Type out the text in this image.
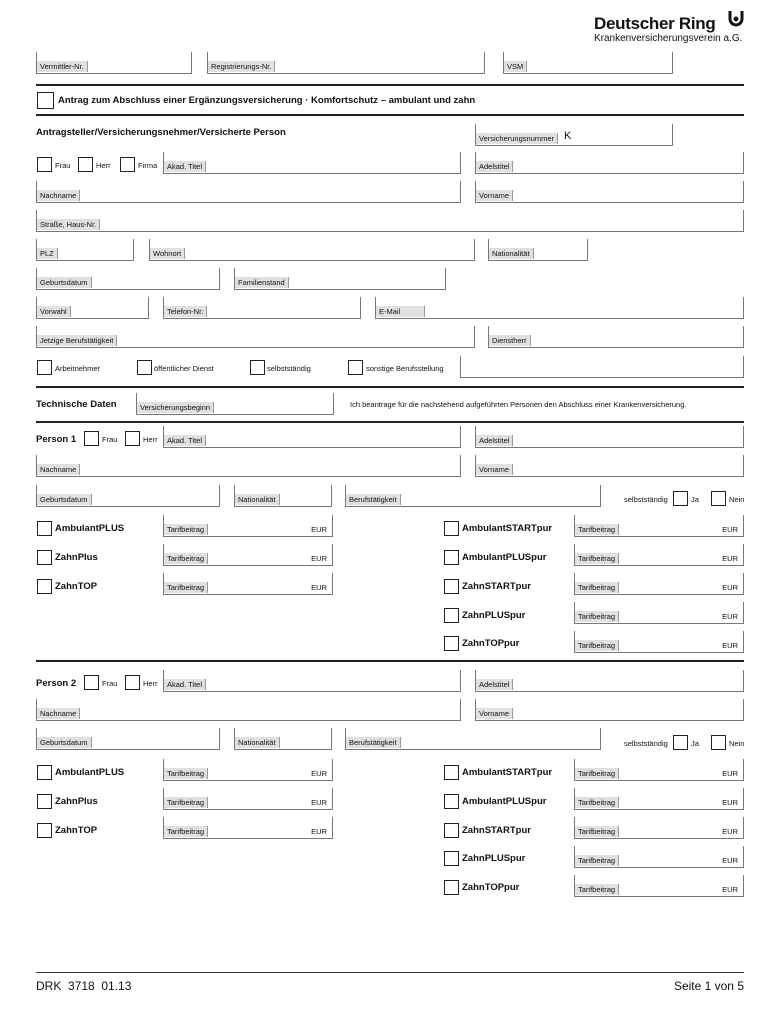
Deutscher Ring
Krankenversicherungsverein a.G.
Vermittler-Nr.	Registrierungs-Nr.	VSM
Antrag zum Abschluss einer Ergänzungsversicherung · Komfortschutz – ambulant und zahn
Antragsteller/Versicherungsnehmer/Versicherte Person
Versicherungsnummer K
Frau	Herr	Firma	Akad. Titel	Adelstitel
Nachname	Vorname
Straße, Haus-Nr.
PLZ	Wohnort	Nationalität
Geburtsdatum	Familienstand
Vorwahl	Telefon-Nr.	E-Mail
Jetzige Berufstätigkeit	Dienstherr
Arbeitnehmer	öffentlicher Dienst	selbstständig	sonstige Berufsstellung
Technische Daten	Versicherungsbeginn	Ich beantrage für die nachstehend aufgeführten Personen den Abschluss einer Krankenversicherung.
Person 1	Frau	Herr	Akad. Titel	Adelstitel
Nachname	Vorname
Geburtsdatum	Nationalität	Berufstätigkeit	selbstständig	Ja	Nein
AmbulantPLUS	Tarifbeitrag	EUR
ZahnPlus	Tarifbeitrag	EUR
ZahnTOP	Tarifbeitrag	EUR
AmbulantSTARTpur	Tarifbeitrag	EUR
AmbulantPLUSpur	Tarifbeitrag	EUR
ZahnSTARTpur	Tarifbeitrag	EUR
ZahnPLUSpur	Tarifbeitrag	EUR
ZahnTOPpur	Tarifbeitrag	EUR
Person 2	Frau	Herr	Akad. Titel	Adelstitel
Nachname	Vorname
Geburtsdatum	Nationalität	Berufstätigkeit	selbstständig	Ja	Nein
AmbulantPLUS	Tarifbeitrag	EUR
ZahnPlus	Tarifbeitrag	EUR
ZahnTOP	Tarifbeitrag	EUR
AmbulantSTARTpur	Tarifbeitrag	EUR
AmbulantPLUSpur	Tarifbeitrag	EUR
ZahnSTARTpur	Tarifbeitrag	EUR
ZahnPLUSpur	Tarifbeitrag	EUR
ZahnTOPpur	Tarifbeitrag	EUR
DRK  3718  01.13	Seite 1 von 5
